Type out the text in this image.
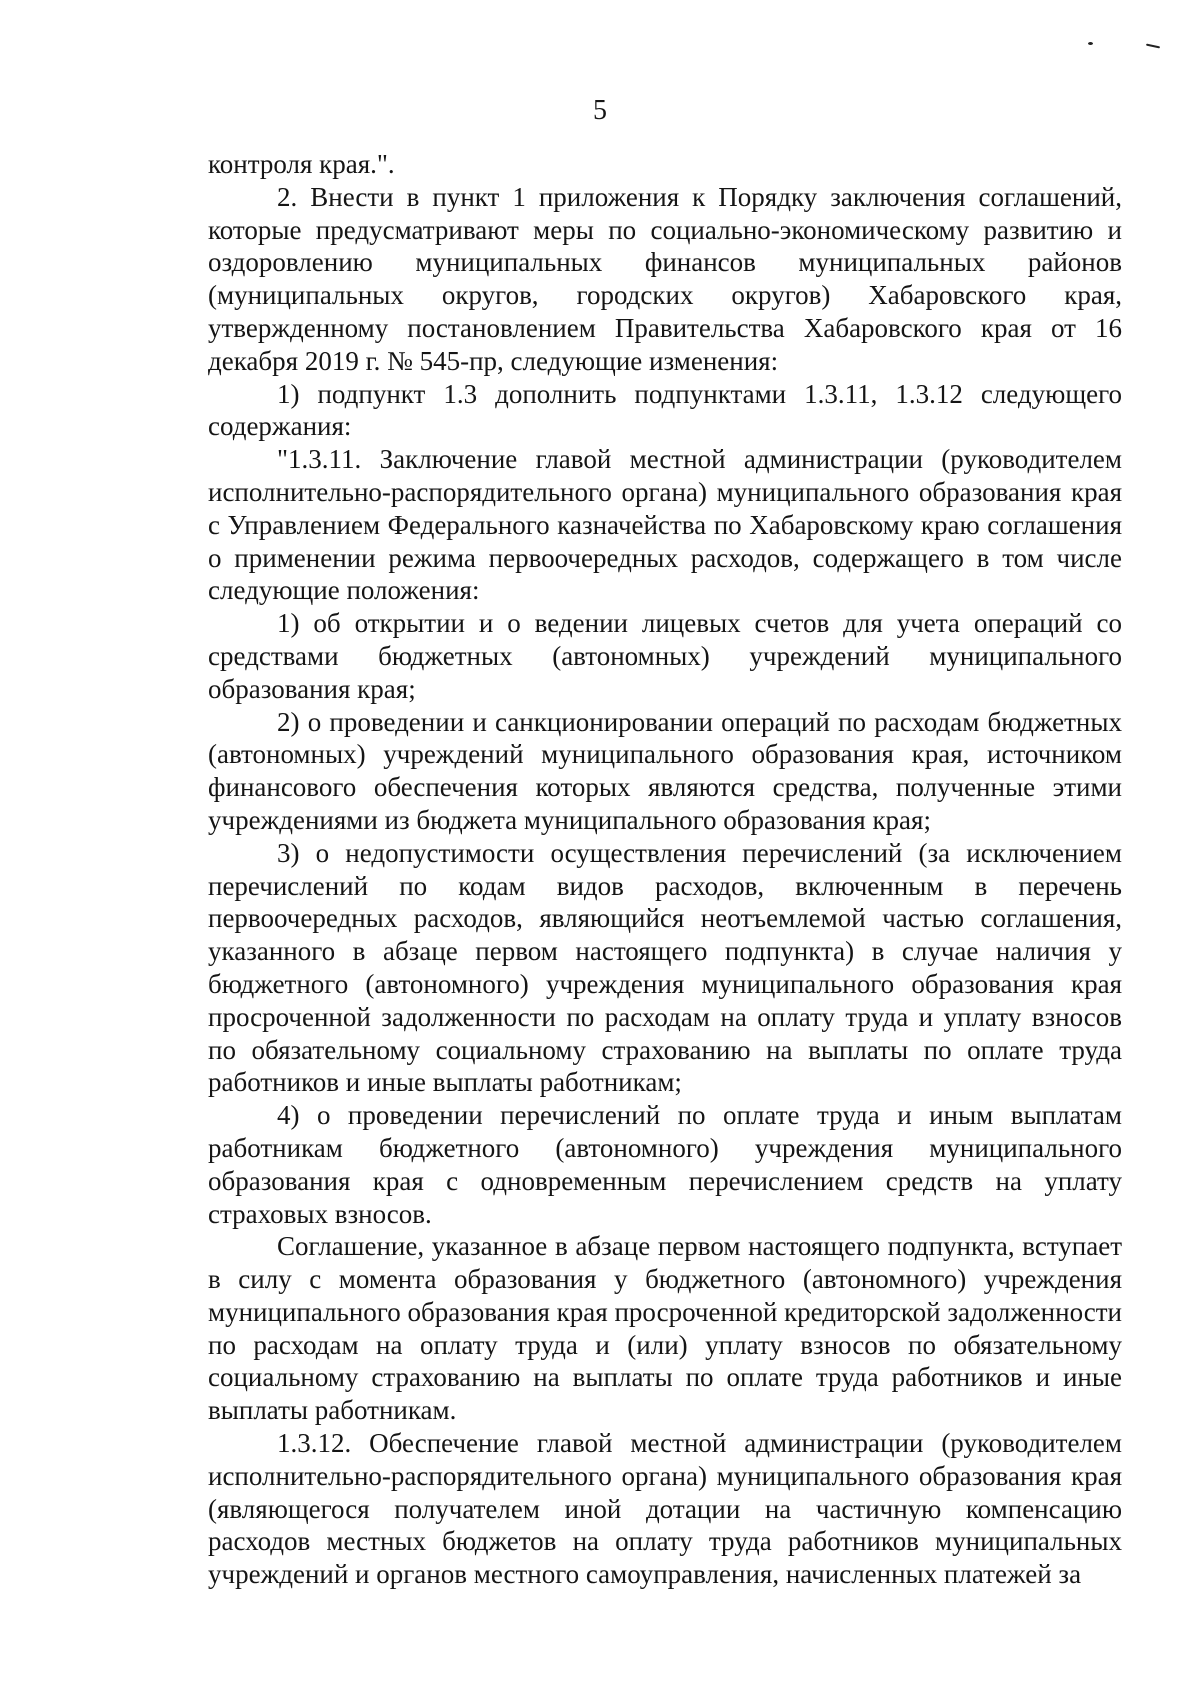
5

контроля края.".

2. Внести в пункт 1 приложения к Порядку заключения соглашений, которые предусматривают меры по социально-экономическому развитию и оздоровлению муниципальных финансов муниципальных районов (муниципальных округов, городских округов) Хабаровского края, утвержденному постановлением Правительства Хабаровского края от 16 декабря 2019 г. № 545-пр, следующие изменения:

1) подпункт 1.3 дополнить подпунктами 1.3.11, 1.3.12 следующего содержания:

"1.3.11. Заключение главой местной администрации (руководителем исполнительно-распорядительного органа) муниципального образования края с Управлением Федерального казначейства по Хабаровскому краю соглашения о применении режима первоочередных расходов, содержащего в том числе следующие положения:

1) об открытии и о ведении лицевых счетов для учета операций со средствами бюджетных (автономных) учреждений муниципального образования края;

2) о проведении и санкционировании операций по расходам бюджетных (автономных) учреждений муниципального образования края, источником финансового обеспечения которых являются средства, полученные этими учреждениями из бюджета муниципального образования края;

3) о недопустимости осуществления перечислений (за исключением перечислений по кодам видов расходов, включенным в перечень первоочередных расходов, являющийся неотъемлемой частью соглашения, указанного в абзаце первом настоящего подпункта) в случае наличия у бюджетного (автономного) учреждения муниципального образования края просроченной задолженности по расходам на оплату труда и уплату взносов по обязательному социальному страхованию на выплаты по оплате труда работников и иные выплаты работникам;

4) о проведении перечислений по оплате труда и иным выплатам работникам бюджетного (автономного) учреждения муниципального образования края с одновременным перечислением средств на уплату страховых взносов.

Соглашение, указанное в абзаце первом настоящего подпункта, вступает в силу с момента образования у бюджетного (автономного) учреждения муниципального образования края просроченной кредиторской задолженности по расходам на оплату труда и (или) уплату взносов по обязательному социальному страхованию на выплаты по оплате труда работников и иные выплаты работникам.

1.3.12. Обеспечение главой местной администрации (руководителем исполнительно-распорядительного органа) муниципального образования края (являющегося получателем иной дотации на частичную компенсацию расходов местных бюджетов на оплату труда работников муниципальных учреждений и органов местного самоуправления, начисленных платежей за
